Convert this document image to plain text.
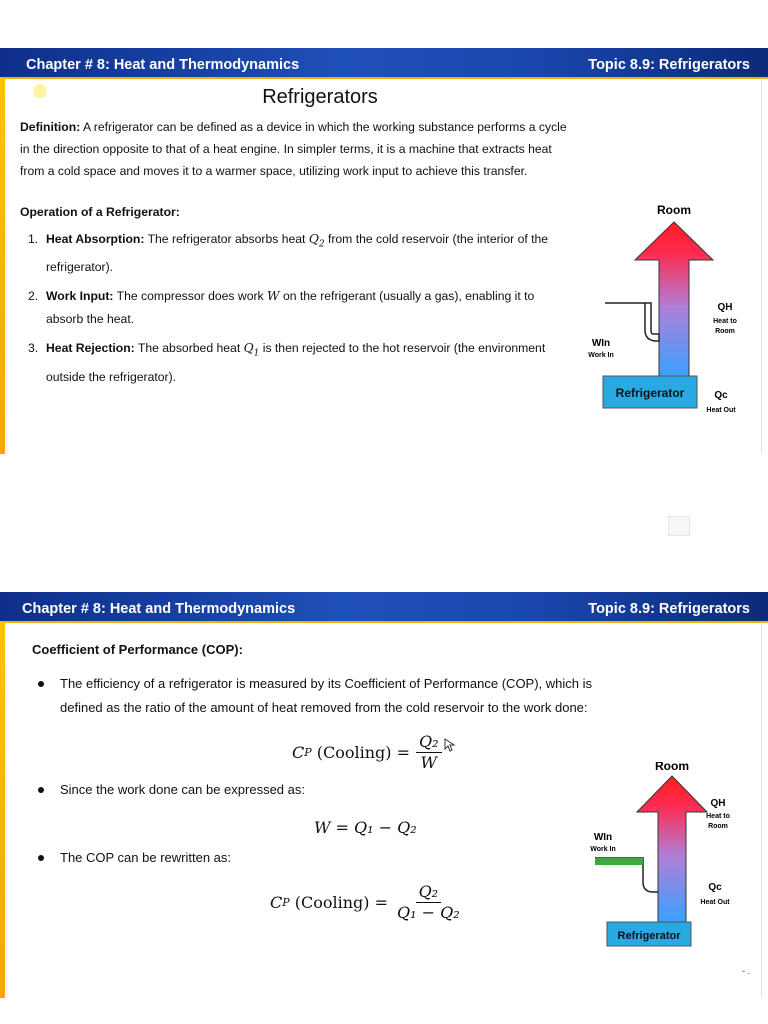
Chapter # 8: Heat and Thermodynamics	Topic 8.9: Refrigerators
Refrigerators
Definition: A refrigerator can be defined as a device in which the working substance performs a cycle
in the direction opposite to that of a heat engine. In simpler terms, it is a machine that extracts heat
from a cold space and moves it to a warmer space, utilizing work input to achieve this transfer.
Operation of a Refrigerator:
1. Heat Absorption: The refrigerator absorbs heat $Q_2$ from the cold reservoir (the interior of the
refrigerator).
2. Work Input: The compressor does work W on the refrigerant (usually a gas), enabling it to
absorb the heat.
3. Heat Rejection: The absorbed heat $Q_1$ is then rejected to the hot reservoir (the environment
outside the refrigerator).
Room
Refrigerator
QH
Heat to
Room
WIn
Work In
Qc
Heat Out
Chapter # 8: Heat and Thermodynamics	Topic 8.9: Refrigerators
Coefficient of Performance (COP):
The efficiency of a refrigerator is measured by its Coefficient of Performance (COP), which is
defined as the ratio of the amount of heat removed from the cold reservoir to the work done:
C P
(Cooling) = $\frac{\text{Q₂}}{W}$
Since the work done can be expressed as:
W = Q₁ − Q₂
The COP can be rewritten as:
C P
(Cooling) = $\frac{\text{Q₂}}{\text{Q₁ − Q₂}}$
Room
Refrigerator
QH
Heat to
Room
WIn
Work In
Qc
Heat Out
- .
